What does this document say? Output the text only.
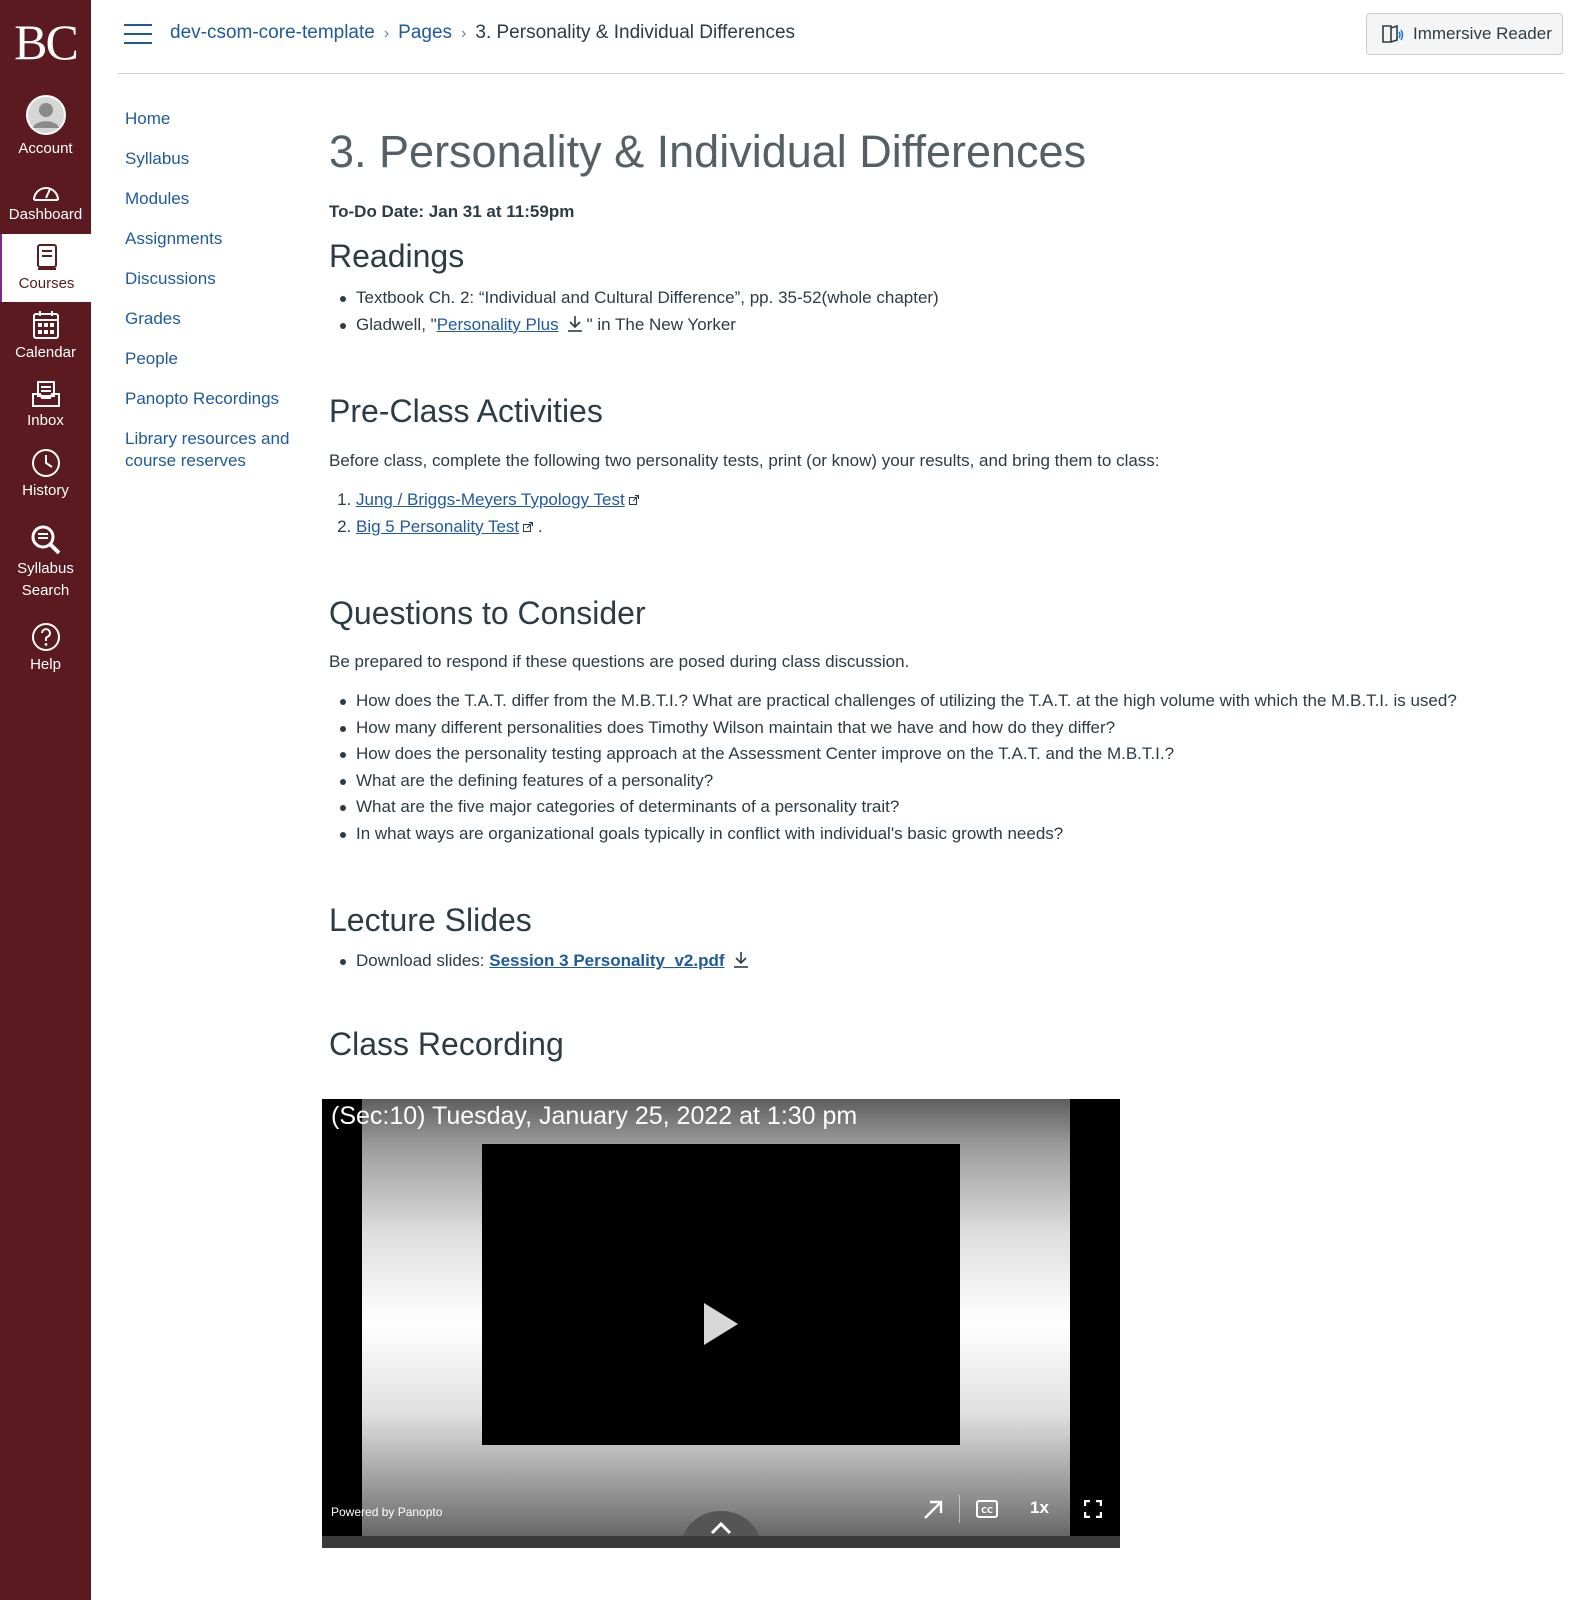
BC
Account
Dashboard
Courses
Calendar
Inbox
History
Syllabus Search
Help
dev-csom-core-template › Pages › 3. Personality & Individual Differences	Immersive Reader
Home
Syllabus
Modules
Assignments
Discussions
Grades
People
Panopto Recordings
Library resources and course reserves
3. Personality & Individual Differences
To-Do Date: Jan 31 at 11:59pm
Readings
Textbook Ch. 2: “Individual and Cultural Difference”, pp. 35-52(whole chapter)
Gladwell, "Personality Plus " in The New Yorker
Pre-Class Activities

Before class, complete the following two personality tests, print (or know) your results, and bring them to class:

1. Jung / Briggs-Meyers Typology Test
2. Big 5 Personality Test .
Questions to Consider

Be prepared to respond if these questions are posed during class discussion.

How does the T.A.T. differ from the M.B.T.I.? What are practical challenges of utilizing the T.A.T. at the high volume with which the M.B.T.I. is used?
How many different personalities does Timothy Wilson maintain that we have and how do they differ?
How does the personality testing approach at the Assessment Center improve on the T.A.T. and the M.B.T.I.?
What are the defining features of a personality?
What are the five major categories of determinants of a personality trait?
In what ways are organizational goals typically in conflict with individual's basic growth needs?
Lecture Slides
Download slides: Session 3 Personality_v2.pdf
Class Recording
(Sec:10) Tuesday, January 25, 2022 at 1:30 pm
Powered by Panopto	CC 1x
